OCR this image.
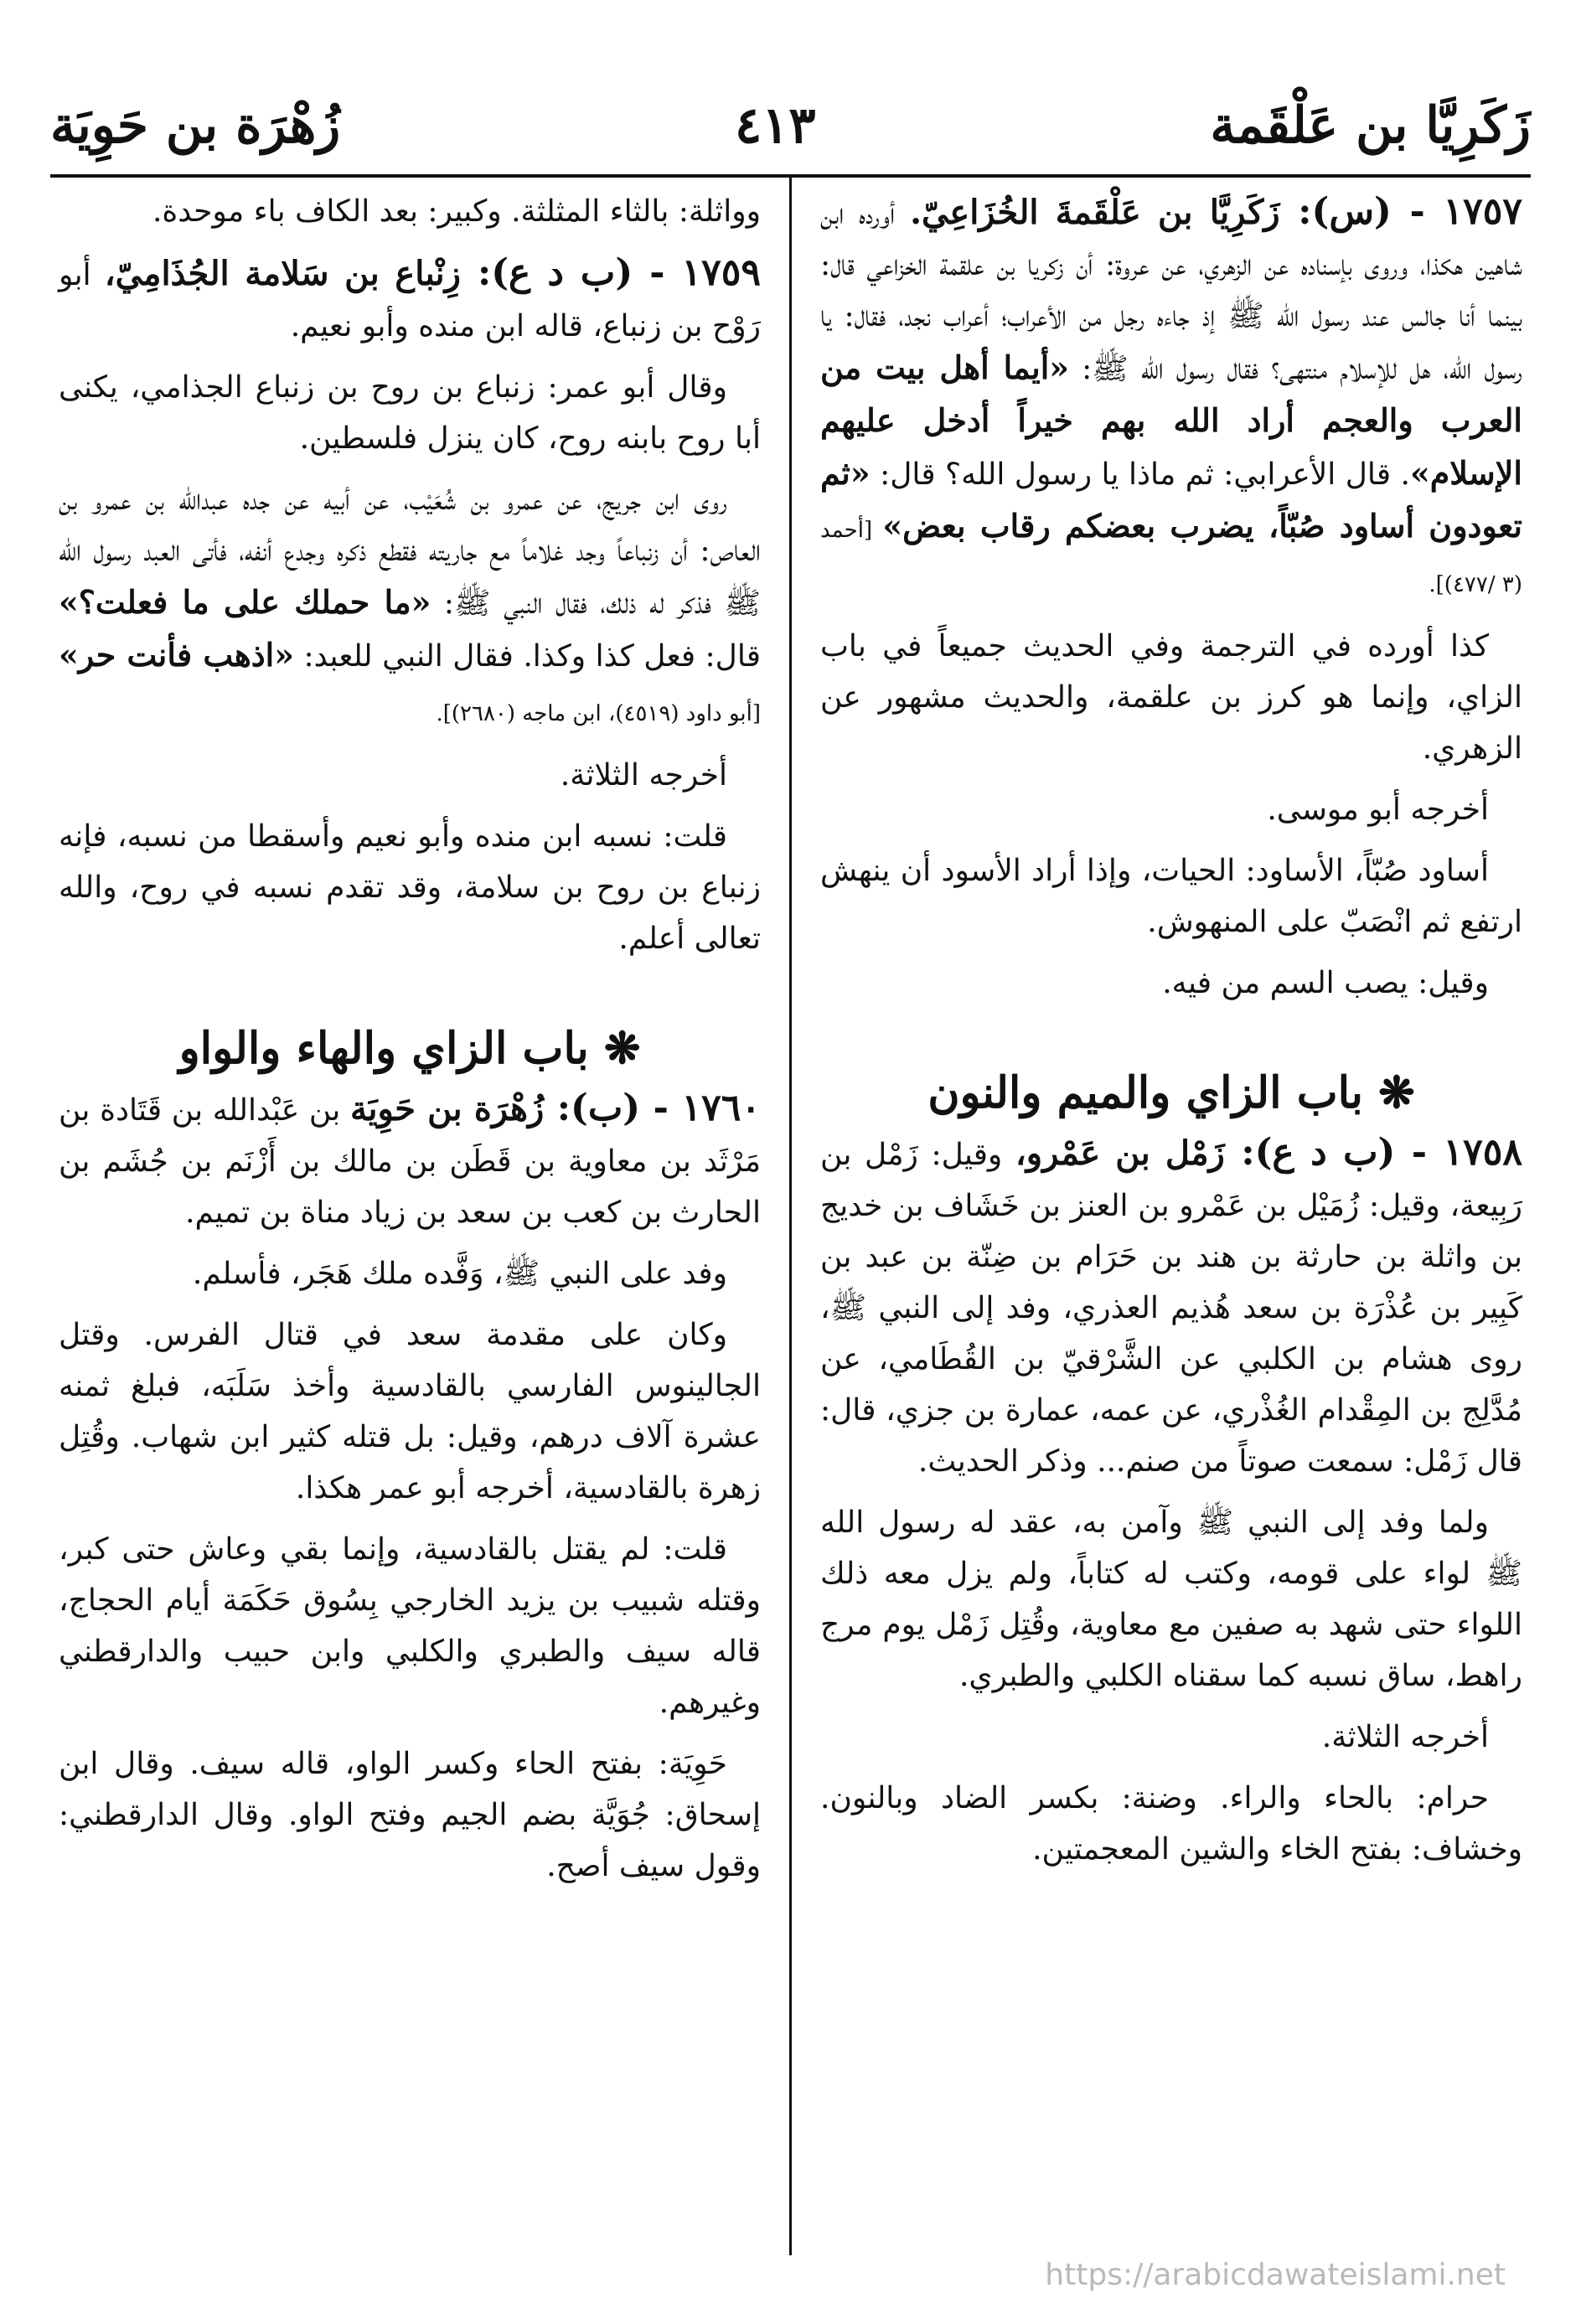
زَكَرِيَّا بن عَلْقَمة
٤١٣
زُهْرَة بن حَوِيَة

١٧٥٧ - (س): زَكَرِيَّا بن عَلْقَمةَ الخُزَاعِيّ. أورده ابن شاهين هكذا، وروى بإسناده عن الزهري، عن عروة: أن زكريا بن علقمة الخزاعي قال: بينما أنا جالس عند رسول الله ﷺ إذ جاءه رجل من الأعراب؛ أعراب نجد، فقال: يا رسول الله، هل للإسلام منتهى؟ فقال رسول الله ﷺ: «أيما أهل بيت من العرب والعجم أراد الله بهم خيراً أدخل عليهم الإسلام». قال الأعرابي: ثم ماذا يا رسول الله؟ قال: «ثم تعودون أساود صُبّاً، يضرب بعضكم رقاب بعض» [أحمد (٣ /٤٧٧)].

كذا أورده في الترجمة وفي الحديث جميعاً في باب الزاي، وإنما هو كرز بن علقمة، والحديث مشهور عن الزهري.

أخرجه أبو موسى.

أساود صُبّاً، الأساود: الحيات، وإذا أراد الأسود أن ينهش ارتفع ثم انْصَبّ على المنهوش.

وقيل: يصب السم من فيه.

❋ باب الزاي والميم والنون

١٧٥٨ - (ب د ع): زَمْل بن عَمْرو، وقيل: زَمْل بن رَبِيعة، وقيل: زُمَيْل بن عَمْرو بن العنز بن خَشَاف بن خديج بن واثلة بن حارثة بن هند بن حَرَام بن ضِنّة بن عبد بن كَبِير بن عُذْرَة بن سعد هُذيم العذري، وفد إلى النبي ﷺ، روى هشام بن الكلبي عن الشَّرْقيّ بن القُطَامي، عن مُدَّلِج بن المِقْدام الغُذْري، عن عمه، عمارة بن جزي، قال: قال زَمْل: سمعت صوتاً من صنم... وذكر الحديث.

ولما وفد إلى النبي ﷺ وآمن به، عقد له رسول الله ﷺ لواء على قومه، وكتب له كتاباً، ولم يزل معه ذلك اللواء حتى شهد به صفين مع معاوية، وقُتِل زَمْل يوم مرج راهط، ساق نسبه كما سقناه الكلبي والطبري.

أخرجه الثلاثة.

حرام: بالحاء والراء. وضنة: بكسر الضاد وبالنون. وخشاف: بفتح الخاء والشين المعجمتين.

وواثلة: بالثاء المثلثة. وكبير: بعد الكاف باء موحدة.

١٧٥٩ - (ب د ع): زِنْباع بن سَلامة الجُذَامِيّ، أبو رَوْح بن زنباع، قاله ابن منده وأبو نعيم.

وقال أبو عمر: زنباع بن روح بن زنباع الجذامي، يكنى أبا روح بابنه روح، كان ينزل فلسطين.

روى ابن جريج، عن عمرو بن شُعَيْب، عن أبيه عن جده عبدالله بن عمرو بن العاص: أن زنباعاً وجد غلاماً مع جاريته فقطع ذكره وجدع أنفه، فأتى العبد رسول الله ﷺ فذكر له ذلك، فقال النبي ﷺ: «ما حملك على ما فعلت؟» قال: فعل كذا وكذا. فقال النبي للعبد: «اذهب فأنت حر» [أبو داود (٤٥١٩)، ابن ماجه (٢٦٨٠)].

أخرجه الثلاثة.

قلت: نسبه ابن منده وأبو نعيم وأسقطا من نسبه، فإنه زنباع بن روح بن سلامة، وقد تقدم نسبه في روح، والله تعالى أعلم.

❋ باب الزاي والهاء والواو

١٧٦٠ - (ب): زُهْرَة بن حَوِيَة بن عَبْدالله بن قَتَادة بن مَرْثَد بن معاوية بن قَطَن بن مالك بن أَزْنَم بن جُشَم بن الحارث بن كعب بن سعد بن زياد مناة بن تميم.

وفد على النبي ﷺ، وَفَّده ملك هَجَر، فأسلم.

وكان على مقدمة سعد في قتال الفرس. وقتل الجالينوس الفارسي بالقادسية وأخذ سَلَبَه، فبلغ ثمنه عشرة آلاف درهم، وقيل: بل قتله كثير ابن شهاب. وقُتِل زهرة بالقادسية، أخرجه أبو عمر هكذا.

قلت: لم يقتل بالقادسية، وإنما بقي وعاش حتى كبر، وقتله شبيب بن يزيد الخارجي بِسُوق حَكَمَة أيام الحجاج، قاله سيف والطبري والكلبي وابن حبيب والدارقطني وغيرهم.

حَوِيَة: بفتح الحاء وكسر الواو، قاله سيف. وقال ابن إسحاق: جُوَيَّة بضم الجيم وفتح الواو. وقال الدارقطني: وقول سيف أصح.

https://arabicdawateislami.net
